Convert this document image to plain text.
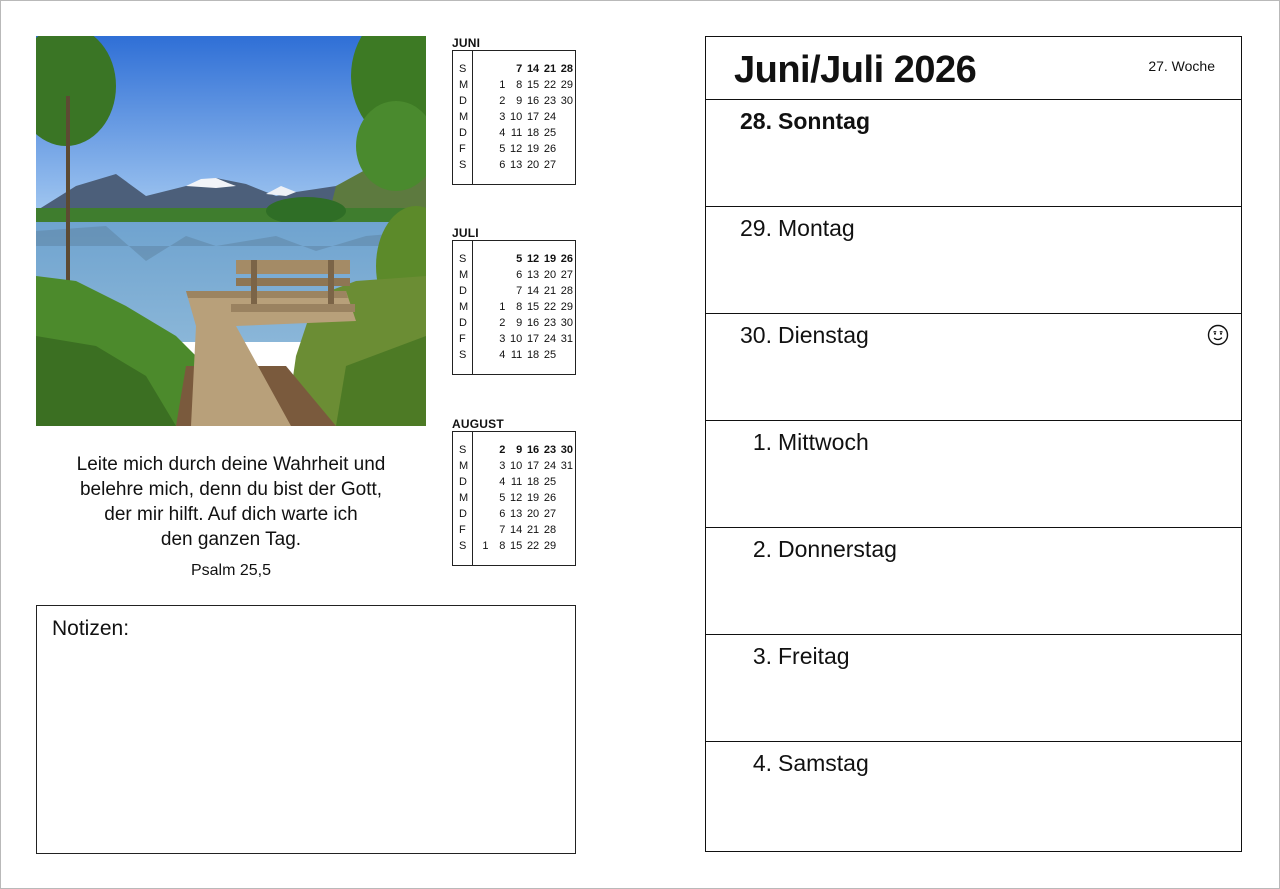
Leite mich durch deine Wahrheit und
belehre mich, denn du bist der Gott,
der mir hilft. Auf dich warte ich
den ganzen Tag.
Psalm 25,5
JUNI
S
M
D
M
D
F
S
7 14 21 28
1 8 15 22 29
2 9 16 23 30
3 10 17 24
4 11 18 25
5 12 19 26
6 13 20 27
JULI
S
M
D
M
D
F
S
5 12 19 26
6 13 20 27
7 14 21 28
1 8 15 22 29
2 9 16 23 30
3 10 17 24 31
4 11 18 25
AUGUST
S
M
D
M
D
F
S
2 9 16 23 30
3 10 17 24 31
4 11 18 25
5 12 19 26
6 13 20 27
7 14 21 28
1 8 15 22 29
Notizen:
Juni/Juli 2026	27. Woche
28. Sonntag
29. Montag
30. Dienstag
1. Mittwoch
2. Donnerstag
3. Freitag
4. Samstag
